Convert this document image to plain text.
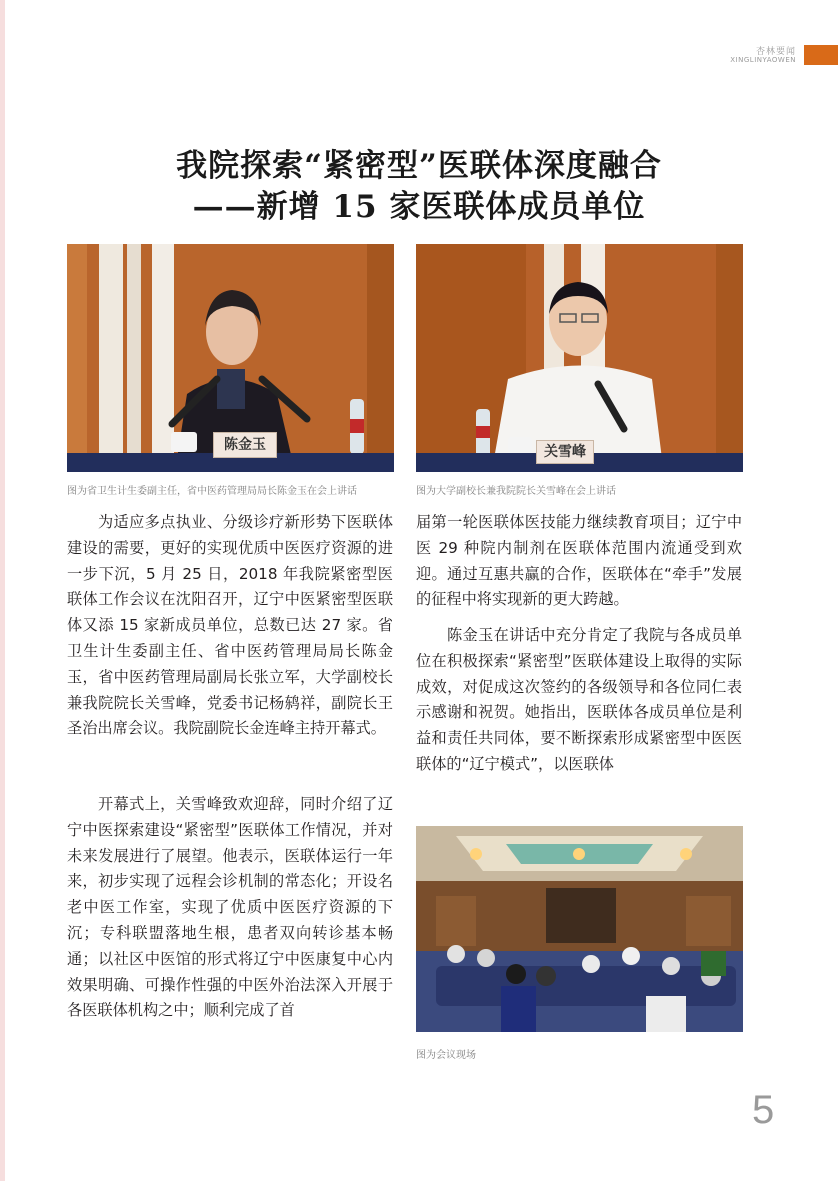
杏林要闻
XINGLINYAOWEN
我院探索“紧密型”医联体深度融合
——新增 15 家医联体成员单位
陈金玉
图为省卫生计生委副主任，省中医药管理局局长陈金玉在会上讲话
关雪峰
图为大学副校长兼我院院长关雪峰在会上讲话

为适应多点执业、分级诊疗新形势下医联体建设的需要，更好的实现优质中医医疗资源的进一步下沉，5 月 25 日，2018 年我院紧密型医联体工作会议在沈阳召开，辽宁中医紧密型医联体又添 15 家新成员单位，总数已达 27 家。省卫生计生委副主任、省中医药管理局局长陈金玉，省中医药管理局副局长张立军，大学副校长兼我院院长关雪峰，党委书记杨鸫祥，副院长王圣治出席会议。我院副院长金连峰主持开幕式。

开幕式上，关雪峰致欢迎辞，同时介绍了辽宁中医探索建设“紧密型”医联体工作情况，并对未来发展进行了展望。他表示，医联体运行一年来，初步实现了远程会诊机制的常态化；开设名老中医工作室，实现了优质中医医疗资源的下沉；专科联盟落地生根，患者双向转诊基本畅通；以社区中医馆的形式将辽宁中医康复中心内效果明确、可操作性强的中医外治法深入开展于各医联体机构之中；顺利完成了首

届第一轮医联体医技能力继续教育项目；辽宁中医 29 种院内制剂在医联体范围内流通受到欢迎。通过互惠共赢的合作，医联体在“牵手”发展的征程中将实现新的更大跨越。

陈金玉在讲话中充分肯定了我院与各成员单位在积极探索“紧密型”医联体建设上取得的实际成效，对促成这次签约的各级领导和各位同仁表示感谢和祝贺。她指出，医联体各成员单位是利益和责任共同体，要不断探索形成紧密型中医医联体的“辽宁模式”，以医联体

图为会议现场
5
